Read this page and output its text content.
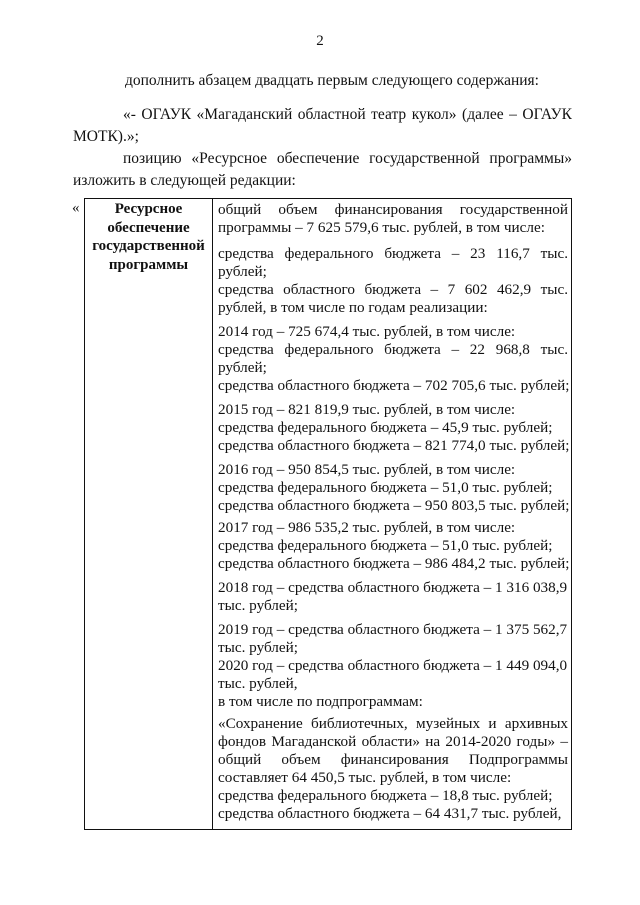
2
дополнить абзацем двадцать первым следующего содержания:
«- ОГАУК «Магаданский областной театр кукол» (далее – ОГАУК
МОТК).»;
позицию «Ресурсное обеспечение государственной программы»
изложить в следующей редакции:
«	Ресурсное
обеспечение
государственной
программы
общий объем финансирования государственной
программы – 7 625 579,6 тыс. рублей, в том числе:
средства федерального бюджета – 23 116,7 тыс.
рублей;
средства областного бюджета – 7 602 462,9 тыс.
рублей, в том числе по годам реализации:
2014 год – 725 674,4 тыс. рублей, в том числе:
средства федерального бюджета – 22 968,8 тыс.
рублей;
средства областного бюджета – 702 705,6 тыс. рублей;
2015 год – 821 819,9 тыс. рублей, в том числе:
средства федерального бюджета – 45,9 тыс. рублей;
средства областного бюджета – 821 774,0 тыс. рублей;
2016 год – 950 854,5 тыс. рублей, в том числе:
средства федерального бюджета – 51,0 тыс. рублей;
средства областного бюджета – 950 803,5 тыс. рублей;
2017 год – 986 535,2 тыс. рублей, в том числе:
средства федерального бюджета – 51,0 тыс. рублей;
средства областного бюджета – 986 484,2 тыс. рублей;
2018 год – средства областного бюджета – 1 316 038,9
тыс. рублей;
2019 год – средства областного бюджета – 1 375 562,7
тыс. рублей;
2020 год – средства областного бюджета – 1 449 094,0
тыс. рублей,
в том числе по подпрограммам:
«Сохранение библиотечных, музейных и архивных
фондов Магаданской области» на 2014-2020 годы» –
общий объем финансирования Подпрограммы
составляет 64 450,5 тыс. рублей, в том числе:
средства федерального бюджета – 18,8 тыс. рублей;
средства областного бюджета – 64 431,7 тыс. рублей,
